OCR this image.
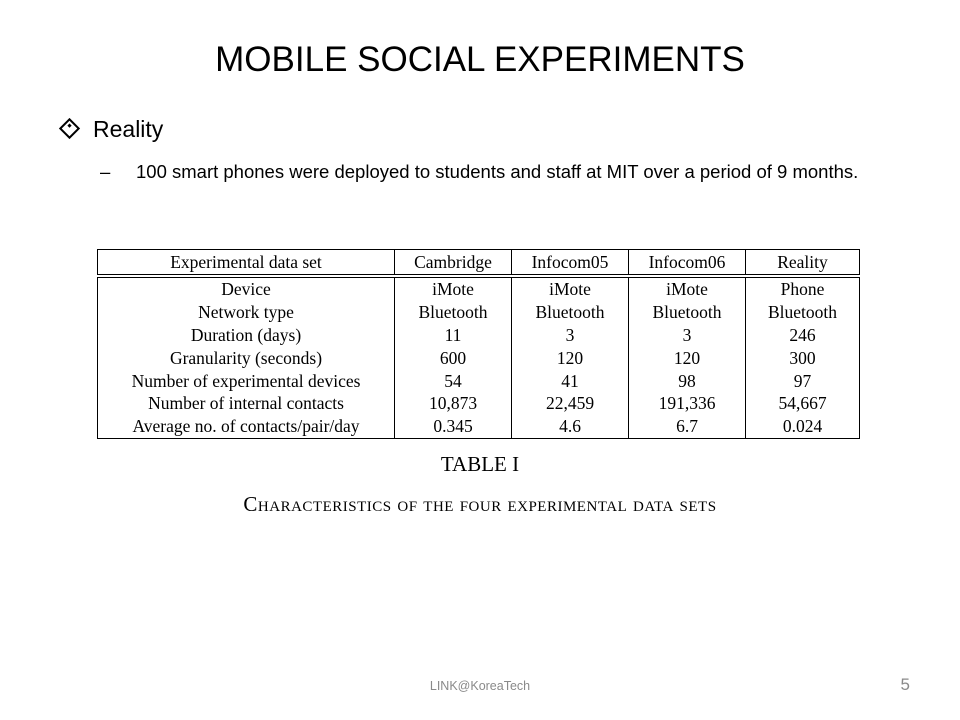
MOBILE SOCIAL EXPERIMENTS
Reality
–	100 smart phones were deployed to students and staff at MIT over a period of 9 months.
Experimental data set	Cambridge	Infocom05	Infocom06	Reality
Device	iMote	iMote	iMote	Phone
Network type	Bluetooth	Bluetooth	Bluetooth	Bluetooth
Duration (days)	11	3	3	246
Granularity (seconds)	600	120	120	300
Number of experimental devices	54	41	98	97
Number of internal contacts	10,873	22,459	191,336	54,667
Average no. of contacts/pair/day	0.345	4.6	6.7	0.024
TABLE I
Characteristics of the four experimental data sets
LINK@KoreaTech	5
